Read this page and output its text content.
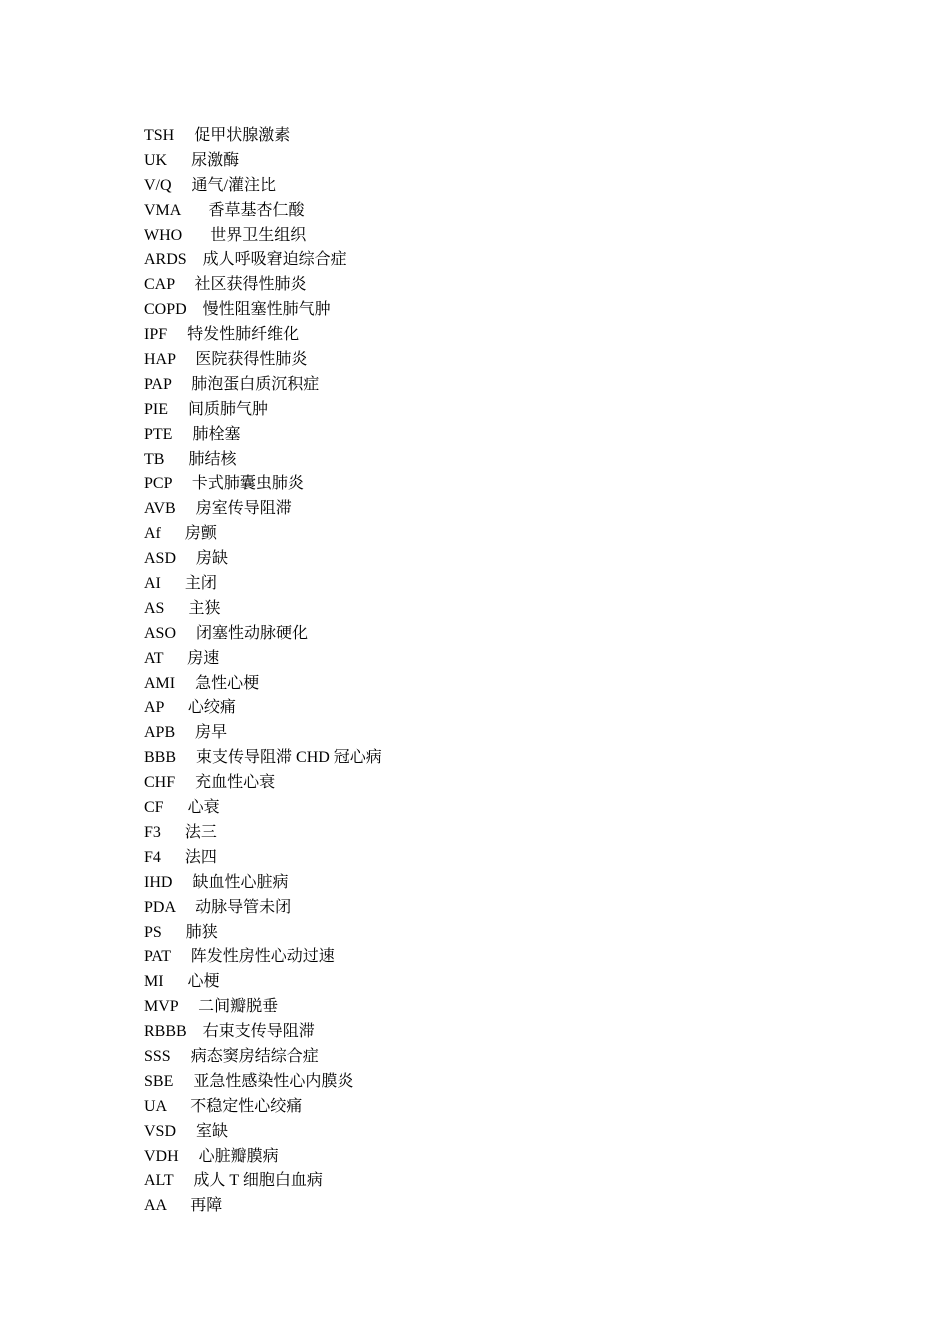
TSH     促甲状腺激素
UK      尿激酶
V/Q     通气/灌注比
VMA       香草基杏仁酸
WHO       世界卫生组织
ARDS    成人呼吸窘迫综合症
CAP     社区获得性肺炎
COPD    慢性阻塞性肺气肿
IPF     特发性肺纤维化
HAP     医院获得性肺炎
PAP     肺泡蛋白质沉积症
PIE     间质肺气肿
PTE     肺栓塞
TB      肺结核
PCP     卡式肺囊虫肺炎
AVB     房室传导阻滞
Af      房颤
ASD     房缺
AI      主闭
AS      主狭
ASO     闭塞性动脉硬化
AT      房速
AMI     急性心梗
AP      心绞痛
APB     房早
BBB     束支传导阻滞 CHD 冠心病
CHF     充血性心衰
CF      心衰
F3      法三
F4      法四
IHD     缺血性心脏病
PDA     动脉导管未闭
PS      肺狭
PAT     阵发性房性心动过速
MI      心梗
MVP     二间瓣脱垂
RBBB    右束支传导阻滞
SSS     病态窦房结综合症
SBE     亚急性感染性心内膜炎
UA      不稳定性心绞痛
VSD     室缺
VDH     心脏瓣膜病
ALT     成人 T 细胞白血病
AA      再障
